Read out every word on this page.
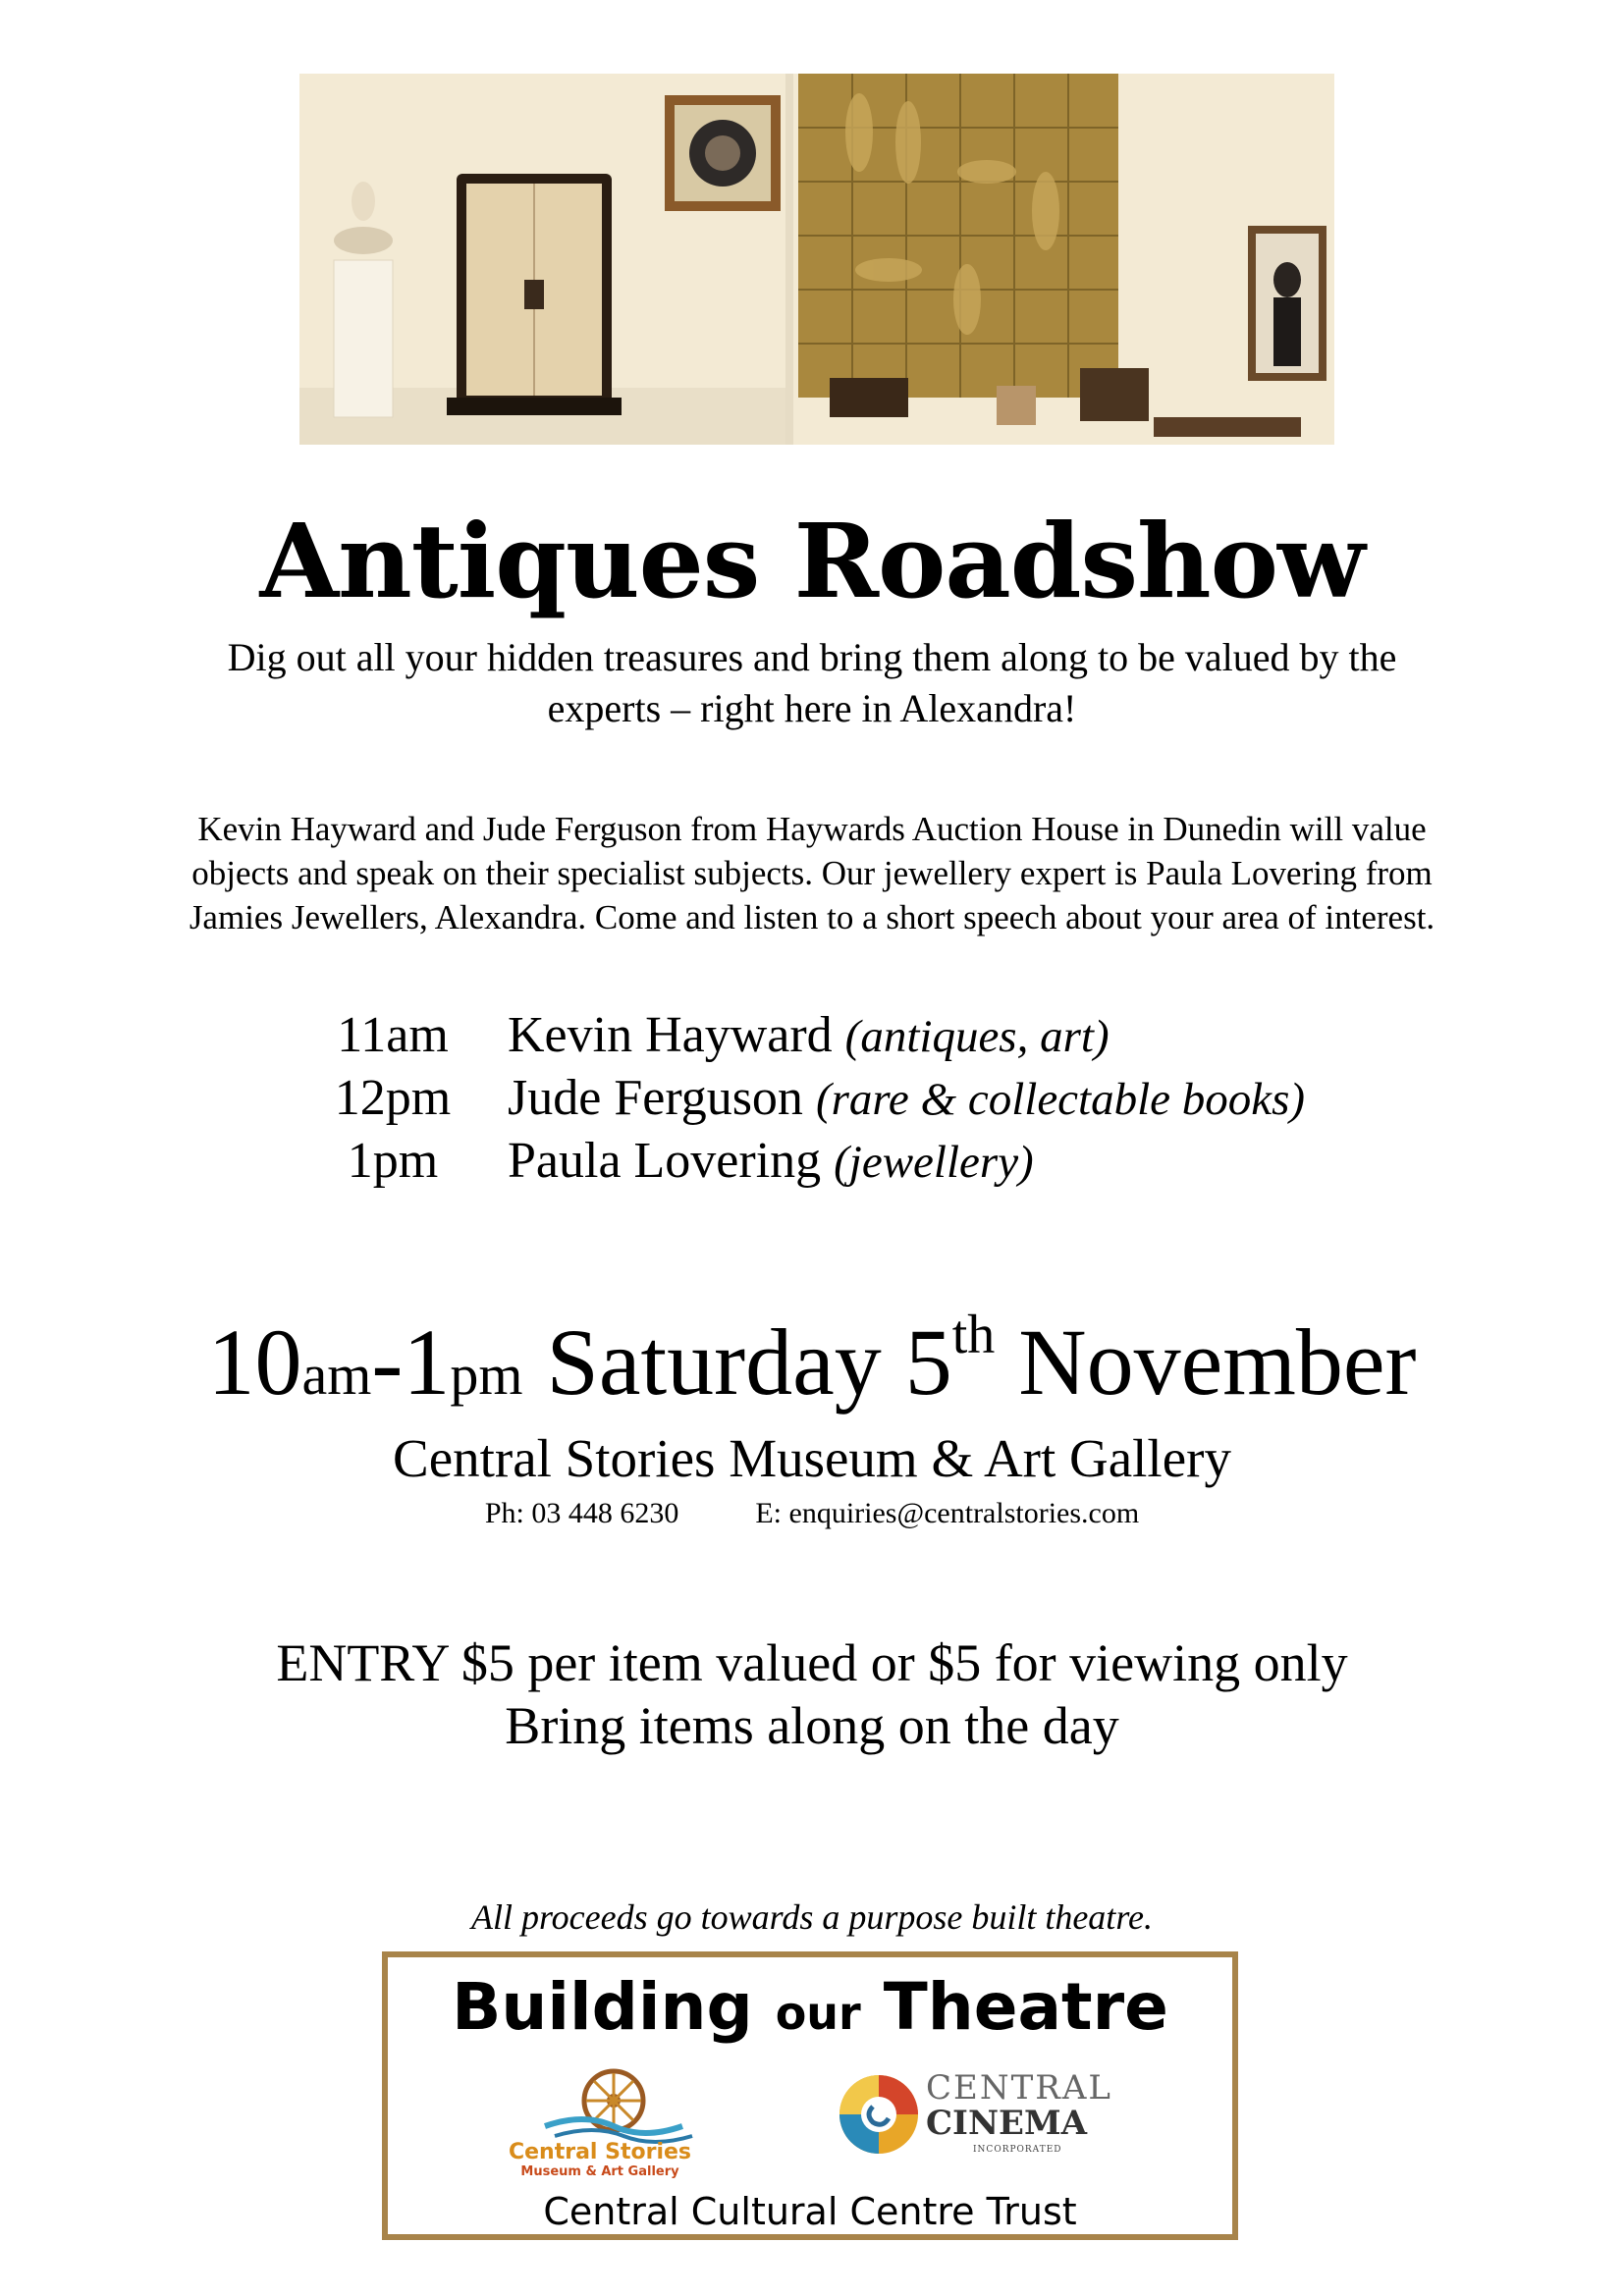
Antiques Roadshow
Dig out all your hidden treasures and bring them along to be valued by the
experts – right here in Alexandra!
Kevin Hayward and Jude Ferguson from Haywards Auction House in Dunedin will value
objects and speak on their specialist subjects. Our jewellery expert is Paula Lovering from
Jamies Jewellers, Alexandra. Come and listen to a short speech about your area of interest.
11am Kevin Hayward (antiques, art)
12pm Jude Ferguson (rare & collectable books)
1pm Paula Lovering (jewellery)
10am-1pm Saturday 5th November
Central Stories Museum & Art Gallery
Ph: 03 448 6230	E: enquiries@centralstories.com
ENTRY $5 per item valued or $5 for viewing only
Bring items along on the day
All proceeds go towards a purpose built theatre.
Building our Theatre
Central Stories
Museum & Art Gallery
CENTRAL
CINEMA
INCORPORATED
Central Cultural Centre Trust
